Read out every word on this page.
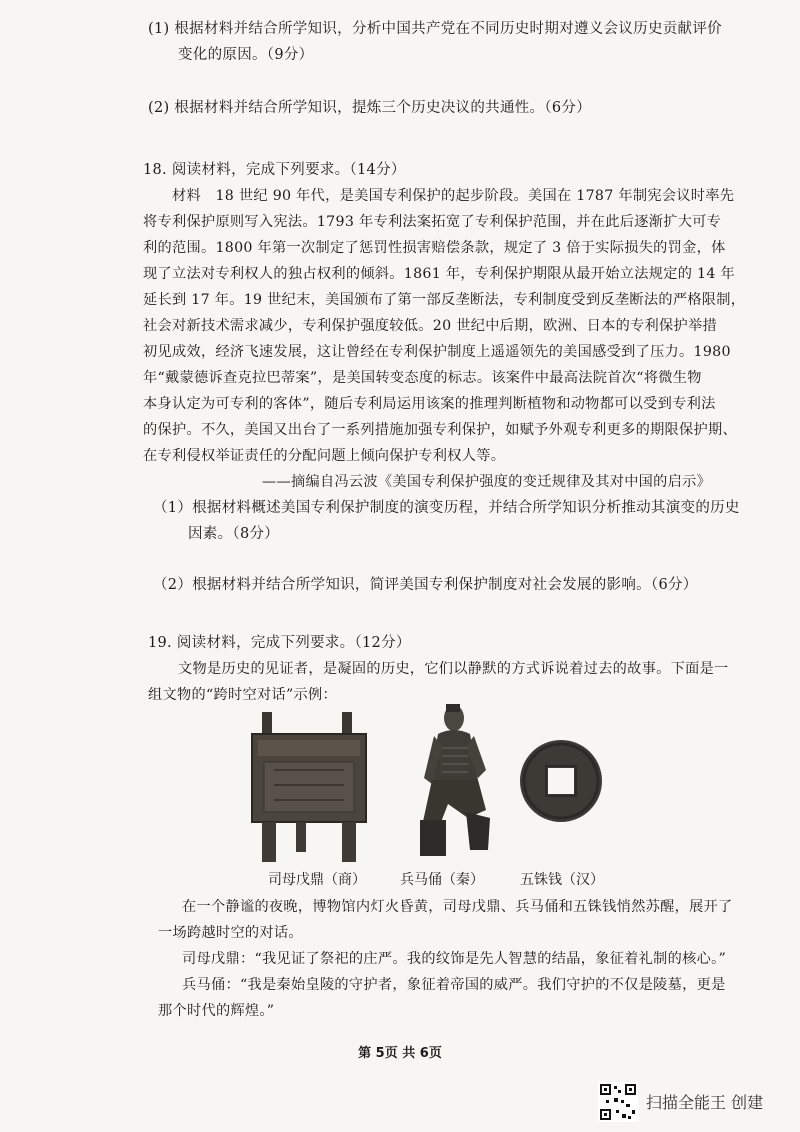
(1) 根据材料并结合所学知识，分析中国共产党在不同历史时期对遵义会议历史贡献评价
变化的原因。（9分）
(2) 根据材料并结合所学知识，提炼三个历史决议的共通性。（6分）
18. 阅读材料，完成下列要求。（14分）
材料　18 世纪 90 年代，是美国专利保护的起步阶段。美国在 1787 年制宪会议时率先
将专利保护原则写入宪法。1793 年专利法案拓宽了专利保护范围，并在此后逐渐扩大可专
利的范围。1800 年第一次制定了惩罚性损害赔偿条款，规定了 3 倍于实际损失的罚金，体
现了立法对专利权人的独占权利的倾斜。1861 年，专利保护期限从最开始立法规定的 14 年
延长到 17 年。19 世纪末，美国颁布了第一部反垄断法，专利制度受到反垄断法的严格限制，
社会对新技术需求减少，专利保护强度较低。20 世纪中后期，欧洲、日本的专利保护举措
初见成效，经济飞速发展，这让曾经在专利保护制度上遥遥领先的美国感受到了压力。1980
年“戴蒙德诉查克拉巴蒂案”，是美国转变态度的标志。该案件中最高法院首次“将微生物
本身认定为可专利的客体”，随后专利局运用该案的推理判断植物和动物都可以受到专利法
的保护。不久，美国又出台了一系列措施加强专利保护，如赋予外观专利更多的期限保护期、
在专利侵权举证责任的分配问题上倾向保护专利权人等。
——摘编自冯云波《美国专利保护强度的变迁规律及其对中国的启示》
（1）根据材料概述美国专利保护制度的演变历程，并结合所学知识分析推动其演变的历史
因素。（8分）
（2）根据材料并结合所学知识，简评美国专利保护制度对社会发展的影响。（6分）
19. 阅读材料，完成下列要求。（12分）
文物是历史的见证者，是凝固的历史，它们以静默的方式诉说着过去的故事。下面是一
组文物的“跨时空对话”示例：
司母戊鼎（商） 兵马俑（秦）	五铢钱（汉）
在一个静谧的夜晚，博物馆内灯火昏黄，司母戊鼎、兵马俑和五铢钱悄然苏醒，展开了
一场跨越时空的对话。
司母戊鼎：“我见证了祭祀的庄严。我的纹饰是先人智慧的结晶，象征着礼制的核心。”
兵马俑：“我是秦始皇陵的守护者，象征着帝国的威严。我们守护的不仅是陵墓，更是
那个时代的辉煌。”
第 5页 共 6页
扫描全能王 创建
